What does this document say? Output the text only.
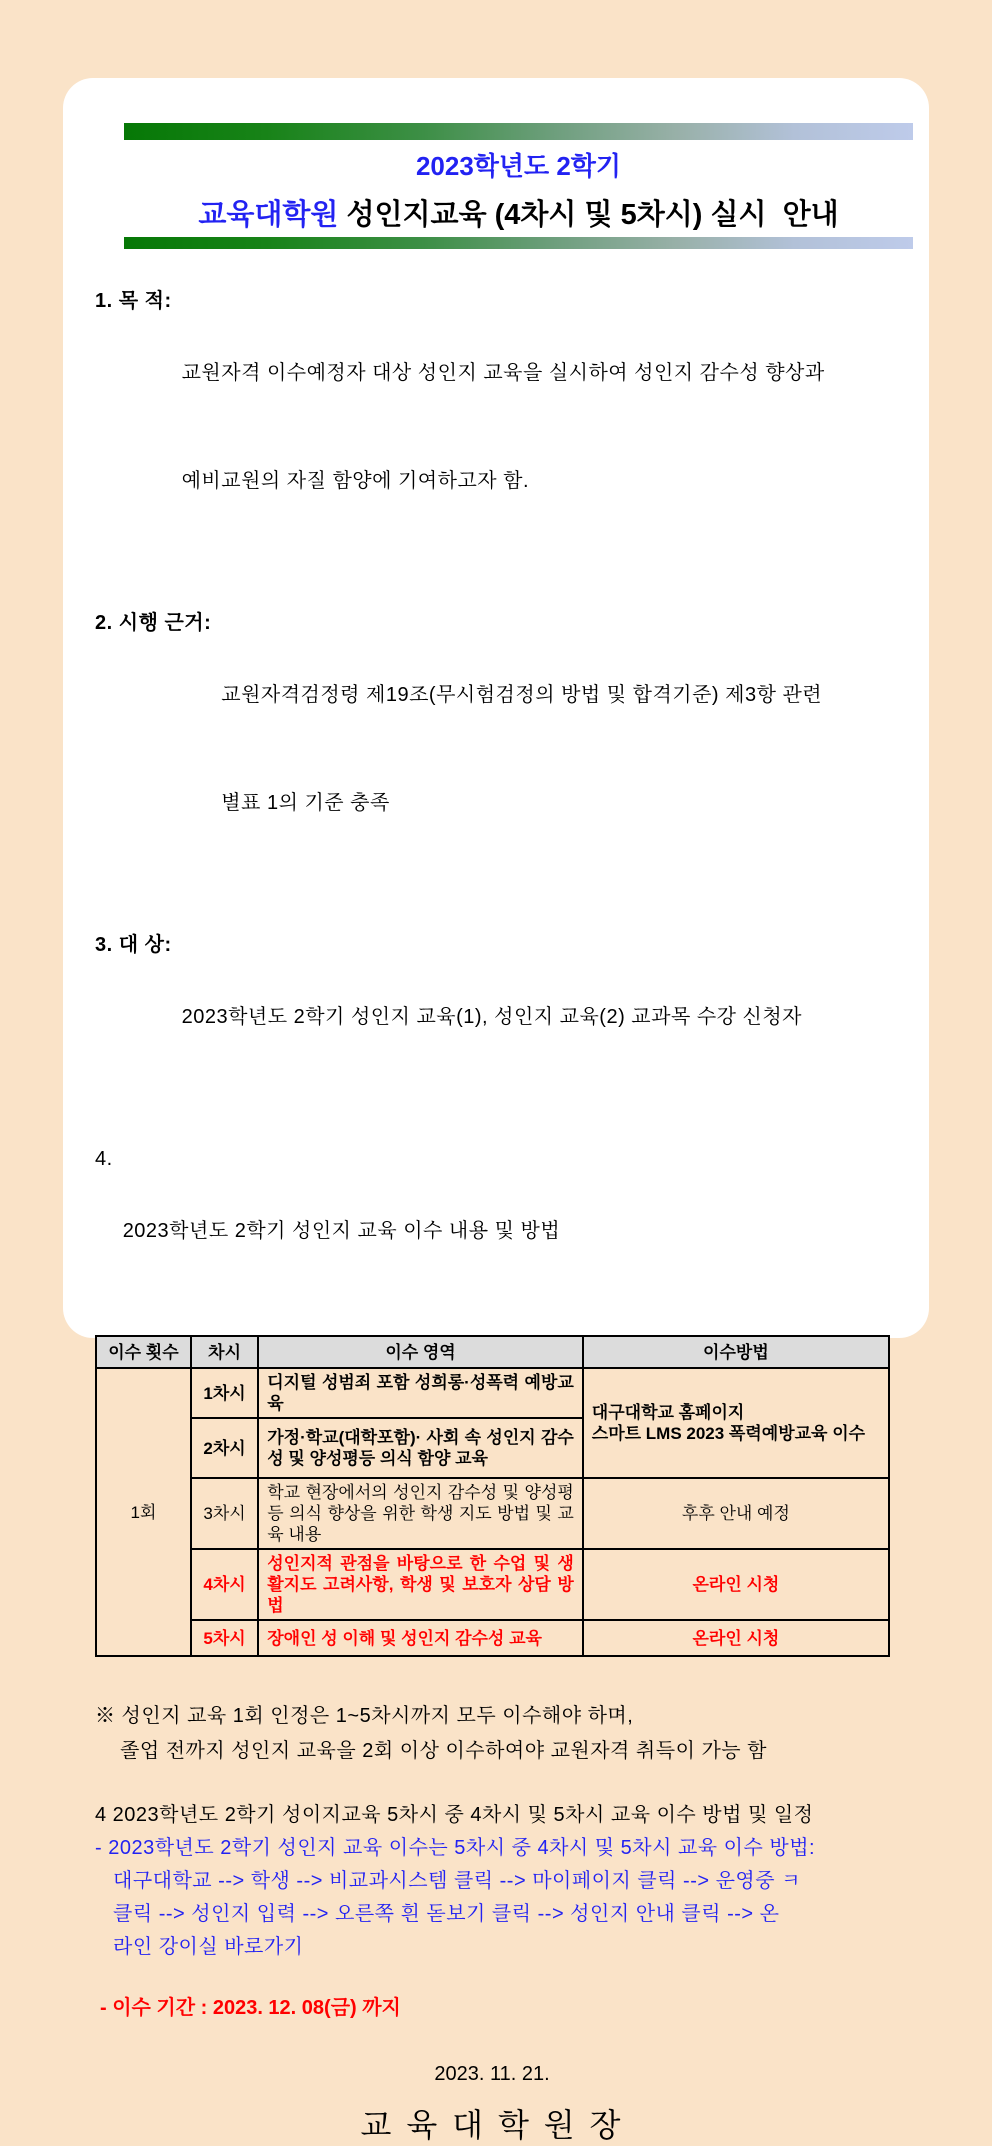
2023학년도 2학기
교육대학원 성인지교육 (4차시 및 5차시) 실시  안내
1. 목 적:

교원자격 이수예정자 대상 성인지 교육을 실시하여 성인지 감수성 향상과

예비교원의 자질 함양에 기여하고자 함.

2. 시행 근거:

교원자격검정령 제19조(무시험검정의 방법 및 합격기준) 제3항 관련

별표 1의 기준 충족

3. 대 상:

2023학년도 2학기 성인지 교육(1), 성인지 교육(2) 교과목 수강 신청자

4.

2023학년도 2학기 성인지 교육 이수 내용 및 방법

이수 횟수	차시	이수 영역	이수방법
1회	1차시	디지털 성범죄 포함 성희롱·성폭력 예방교육	대구대학교 홈페이지
스마트 LMS 2023 폭력예방교육 이수

	2차시	가정·학교(대학포함)· 사회 속 성인지 감수성 및 양성평등 의식 함양 교육	
	3차시	학교 현장에서의 성인지 감수성 및 양성평등 의식 향상을 위한 학생 지도 방법 및 교육 내용	후후 안내 예정
	4차시	성인지적 관점을 바탕으로 한 수업 및 생활지도 고려사항, 학생 및 보호자 상담 방법	온라인 시청
	5차시	장애인 성 이해 및 성인지 감수성 교육	온라인 시청
※ 성인지 교육 1회 인정은 1~5차시까지 모두 이수해야 하며,
졸업 전까지 성인지 교육을 2회 이상 이수하여야 교원자격 취득이 가능 함
4 2023학년도 2학기 성이지교육 5차시 중 4차시 및 5차시 교육 이수 방법 및 일정
- 2023학년도 2학기 성인지 교육 이수는 5차시 중 4차시 및 5차시 교육 이수 방법:
대구대학교 --> 학생 --> 비교과시스템 클릭 --> 마이페이지 클릭 --> 운영중 ㅋ
클릭 --> 성인지 입력 --> 오른쪽 흰 돋보기 클릭 --> 성인지 안내 클릭 --> 온
라인 강이실 바로가기
- 이수 기간 : 2023. 12. 08(금) 까지
2023. 11. 21.
교 육 대 학 원 장
